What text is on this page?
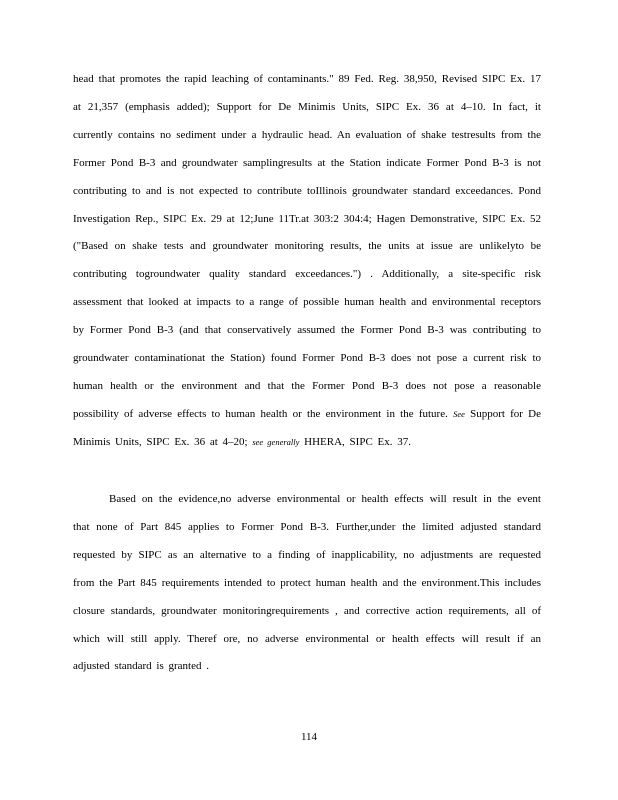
head that promotes the rapid leaching of contaminants." 89 Fed. Reg. 38,950, Revised SIPC Ex. 17 at 21,357 (emphasis added); Support for De Minimis Units, SIPC Ex. 36 at 4–10. In fact, it currently contains no sediment under a hydraulic head. An evaluation of shake testresults from the Former Pond B-3 and groundwater samplingresults at the Station indicate Former Pond B-3 is not contributing to and is not expected to contribute toIllinois groundwater standard exceedances. Pond Investigation Rep., SIPC Ex. 29 at 12;June 11Tr.at 303:2 304:4; Hagen Demonstrative, SIPC Ex. 52 ("Based on shake tests and groundwater monitoring results, the units at issue are unlikelyto be contributing togroundwater quality standard exceedances.") . Additionally, a site-specific risk assessment that looked at impacts to a range of possible human health and environmental receptors by Former Pond B-3 (and that conservatively assumed the Former Pond B-3 was contributing to groundwater contaminationat the Station) found Former Pond B-3 does not pose a current risk to human health or the environment and that the Former Pond B-3 does not pose a reasonable possibility of adverse effects to human health or the environment in the future. See Support for De Minimis Units, SIPC Ex. 36 at 4–20; see generally HHERA, SIPC Ex. 37.

Based on the evidence,no adverse environmental or health effects will result in the event that none of Part 845 applies to Former Pond B-3. Further,under the limited adjusted standard requested by SIPC as an alternative to a finding of inapplicability, no adjustments are requested from the Part 845 requirements intended to protect human health and the environment.This includes closure standards, groundwater monitoringrequirements , and corrective action requirements, all of which will still apply. Theref ore, no adverse environmental or health effects will result if an adjusted standard is granted .

114
